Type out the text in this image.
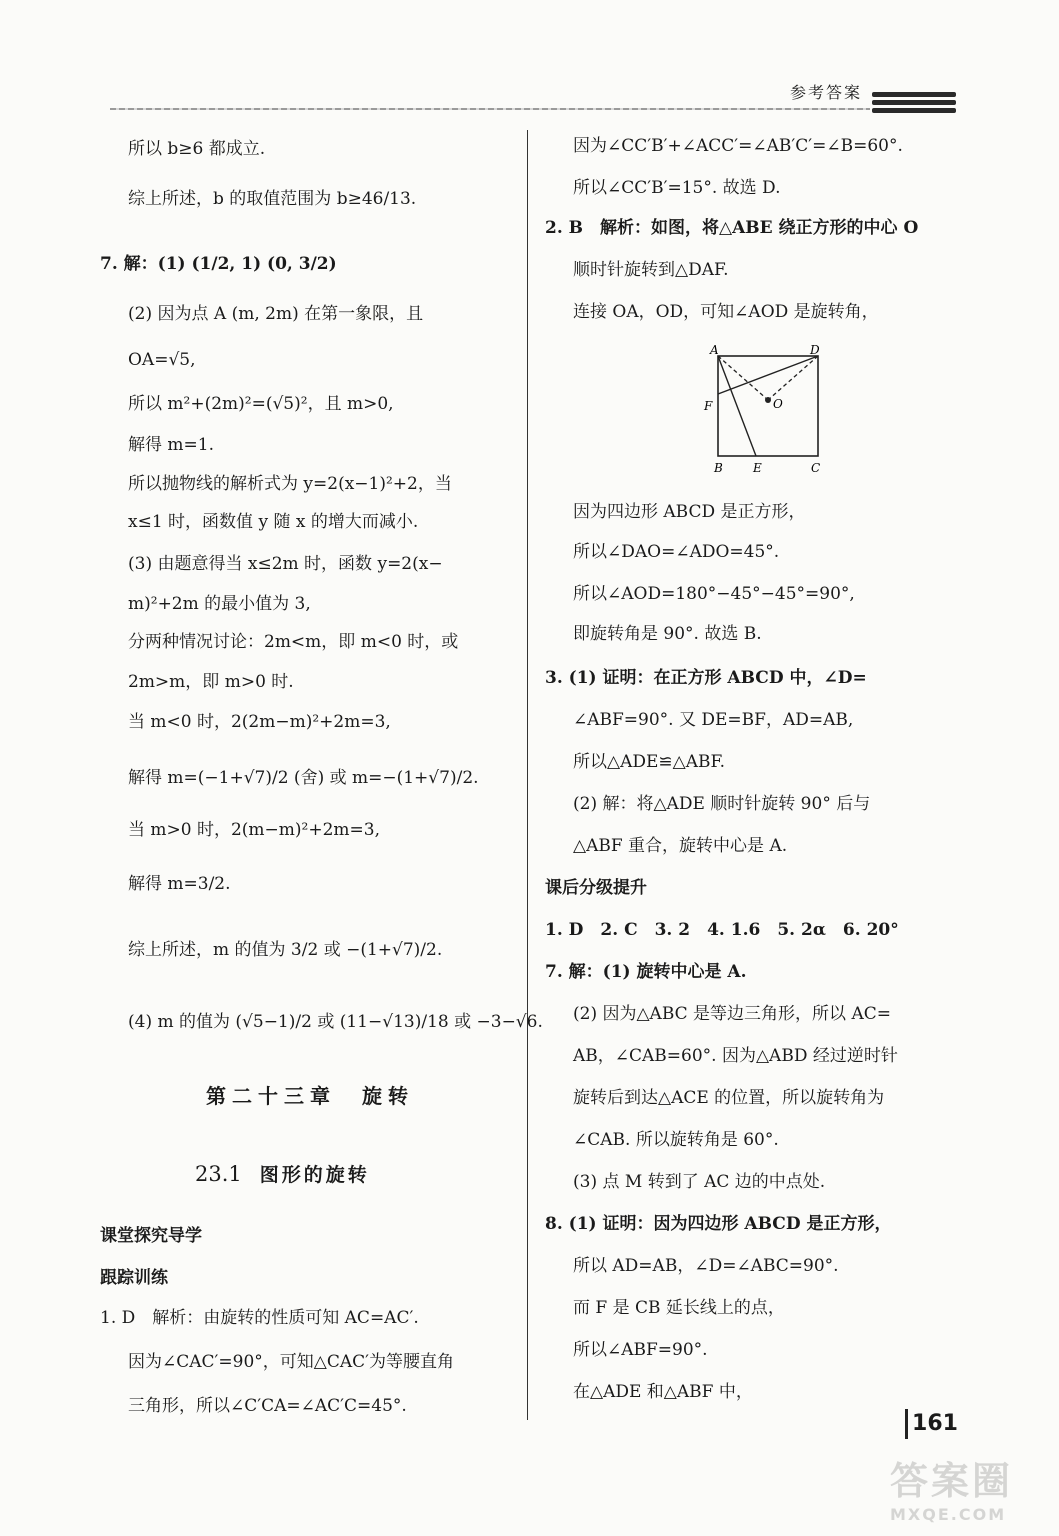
参考答案
所以 b≥6 都成立.
综上所述，b 的取值范围为 b≥46/13.
7. 解：(1) (1/2, 1) (0, 3/2)
(2) 因为点 A (m, 2m) 在第一象限，且
OA=√5,
所以 m²+(2m)²=(√5)²，且 m>0,
解得 m=1.
所以抛物线的解析式为 y=2(x−1)²+2，当
x≤1 时，函数值 y 随 x 的增大而减小.
(3) 由题意得当 x≤2m 时，函数 y=2(x−
m)²+2m 的最小值为 3,
分两种情况讨论：2m<m，即 m<0 时，或
2m>m，即 m>0 时.
当 m<0 时，2(2m−m)²+2m=3,
解得 m=(−1+√7)/2 (舍) 或 m=−(1+√7)/2.
当 m>0 时，2(m−m)²+2m=3,
解得 m=3/2.
综上所述，m 的值为 3/2 或 −(1+√7)/2.
(4) m 的值为 (√5−1)/2 或 (11−√13)/18 或 −3−√6.
第二十三章　旋转
23.1 图形的旋转
课堂探究导学
跟踪训练
1. D　解析：由旋转的性质可知 AC=AC′.
因为∠CAC′=90°，可知△CAC′为等腰直角
三角形，所以∠C′CA=∠AC′C=45°.
因为∠CC′B′+∠ACC′=∠AB′C′=∠B=60°.
所以∠CC′B′=15°. 故选 D.
2. B　解析：如图，将△ABE 绕正方形的中心 O
顺时针旋转到△DAF.
连接 OA，OD，可知∠AOD 是旋转角，
因为四边形 ABCD 是正方形，
所以∠DAO=∠ADO=45°.
所以∠AOD=180°−45°−45°=90°,
即旋转角是 90°. 故选 B.
3. (1) 证明：在正方形 ABCD 中，∠D=
∠ABF=90°. 又 DE=BF，AD=AB,
所以△ADE≌△ABF.
(2) 解：将△ADE 顺时针旋转 90° 后与
△ABF 重合，旋转中心是 A.
课后分级提升
1. D　2. C　3. 2　4. 1.6　5. 2α　6. 20°
7. 解：(1) 旋转中心是 A.
(2) 因为△ABC 是等边三角形，所以 AC=
AB，∠CAB=60°. 因为△ABD 经过逆时针
旋转后到达△ACE 的位置，所以旋转角为
∠CAB. 所以旋转角是 60°.
(3) 点 M 转到了 AC 边的中点处.
8. (1) 证明：因为四边形 ABCD 是正方形，
所以 AD=AB，∠D=∠ABC=90°.
而 F 是 CB 延长线上的点，
所以∠ABF=90°.
在△ADE 和△ABF 中，
A	D
F	O
B	E	C
161
答案圈
MXQE.COM
